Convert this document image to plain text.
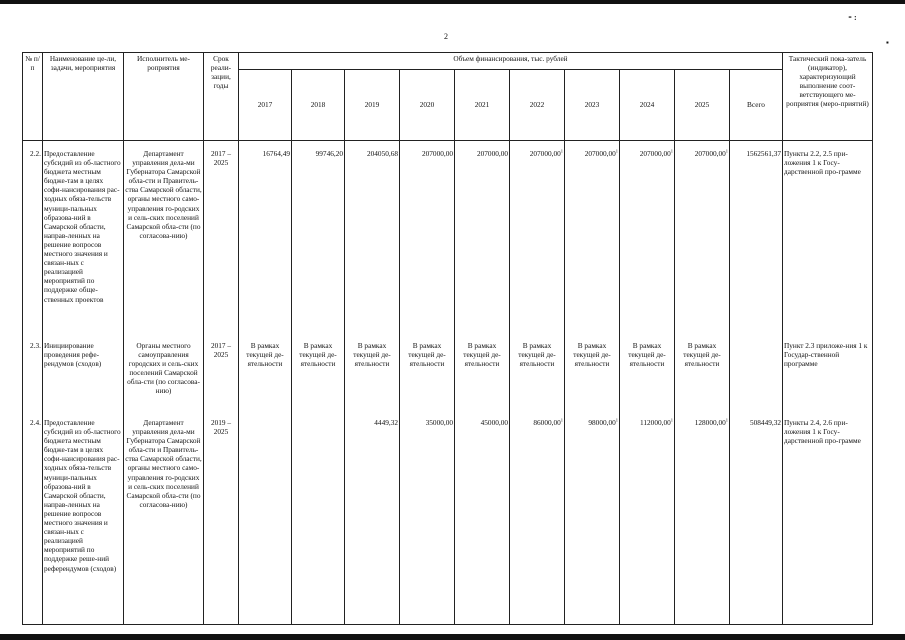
⁃ :
▪
2
№ п/п	Наименование це-ли, задачи, мероприятия	Исполнитель ме-роприятия	Срок реали-зации, годы	Объем финансирования, тыс. рублей										Тактический пока-затель (индикатор), характеризующий выполнение соот-ветствующего ме-роприятия (меро-приятий)
				2017	2018	2019	2020	2021	2022	2023	2024	2025	Всего	
2.2.	Предоставление субсидий из об-ластного бюджета местным бюдже-там в целях софи-нансирования рас-ходных обяза-тельств муници-пальных образова-ний в Самарской области, направ-ленных на решение вопросов местного значения и связан-ных с реализацией мероприятий по поддержке обще-ственных проектов	Департамент управления дела-ми Губернатора Самарской обла-сти и Правитель-ства Самарской области, органы местного само-управления го-родских и сель-ских поселений Самарской обла-сти (по согласова-нию)	2017 – 2025	16764,49	99746,20	204050,68	207000,00	207000,00	207000,00$^1$	207000,00$^1$	207000,00$^1$	207000,00$^1$	1562561,37	Пункты 2.2, 2.5 при-ложения 1 к Госу-дарственной про-грамме
2.3.	Инициирование проведения рефе-рендумов (сходов)	Органы местного самоуправления городских и сель-ских поселений Самарской обла-сти (по согласова-нию)	2017 – 2025	В рамках текущей де-ятельности	В рамках текущей де-ятельности	В рамках текущей де-ятельности	В рамках текущей де-ятельности	В рамках текущей де-ятельности	В рамках текущей де-ятельности	В рамках текущей де-ятельности	В рамках текущей де-ятельности	В рамках текущей де-ятельности		Пункт 2.3 приложе-ния 1 к Государ-ственной программе
2.4.	Предоставление субсидий из об-ластного бюджета местным бюдже-там в целях софи-нансирования рас-ходных обяза-тельств муници-пальных образова-ний в Самарской области, направ-ленных на решение вопросов местного значения и связан-ных с реализацией мероприятий по поддержке реше-ний референдумов (сходов)	Департамент управления дела-ми Губернатора Самарской обла-сти и Правитель-ства Самарской области, органы местного само-управления го-родских и сель-ских поселений Самарской обла-сти (по согласова-нию)	2019 – 2025			4449,32	35000,00	45000,00	86000,00$^1$	98000,00$^1$	112000,00$^1$	128000,00$^1$	508449,32	Пункты 2.4, 2.6 при-ложения 1 к Госу-дарственной про-грамме
